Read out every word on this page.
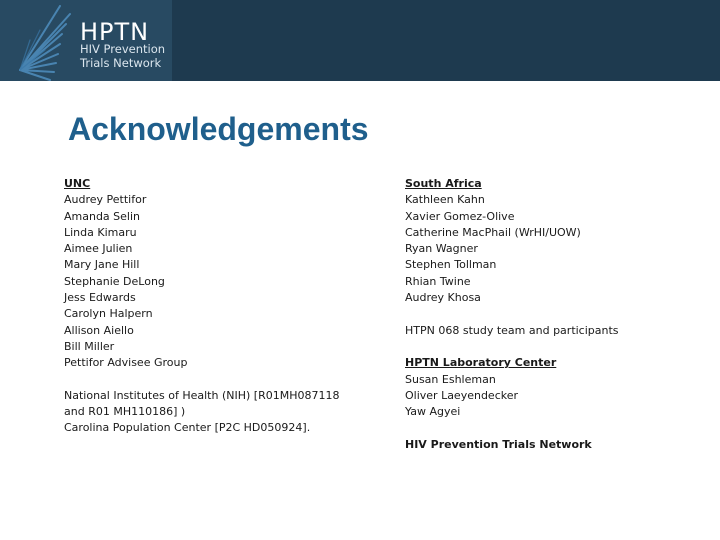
HPTN
HIV Prevention
Trials Network
Acknowledgements
UNC
Audrey Pettifor
Amanda Selin
Linda Kimaru
Aimee Julien
Mary Jane Hill
Stephanie DeLong
Jess Edwards
Carolyn Halpern
Allison Aiello
Bill Miller
Pettifor Advisee Group
National Institutes of Health (NIH) [R01MH087118
and R01 MH110186] )
Carolina Population Center [P2C HD050924].
South Africa
Kathleen Kahn
Xavier Gomez-Olive
Catherine MacPhail (WrHI/UOW)
Ryan Wagner
Stephen Tollman
Rhian Twine
Audrey Khosa
HTPN 068 study team and participants
HPTN Laboratory Center
Susan Eshleman
Oliver Laeyendecker
Yaw Agyei
HIV Prevention Trials Network
